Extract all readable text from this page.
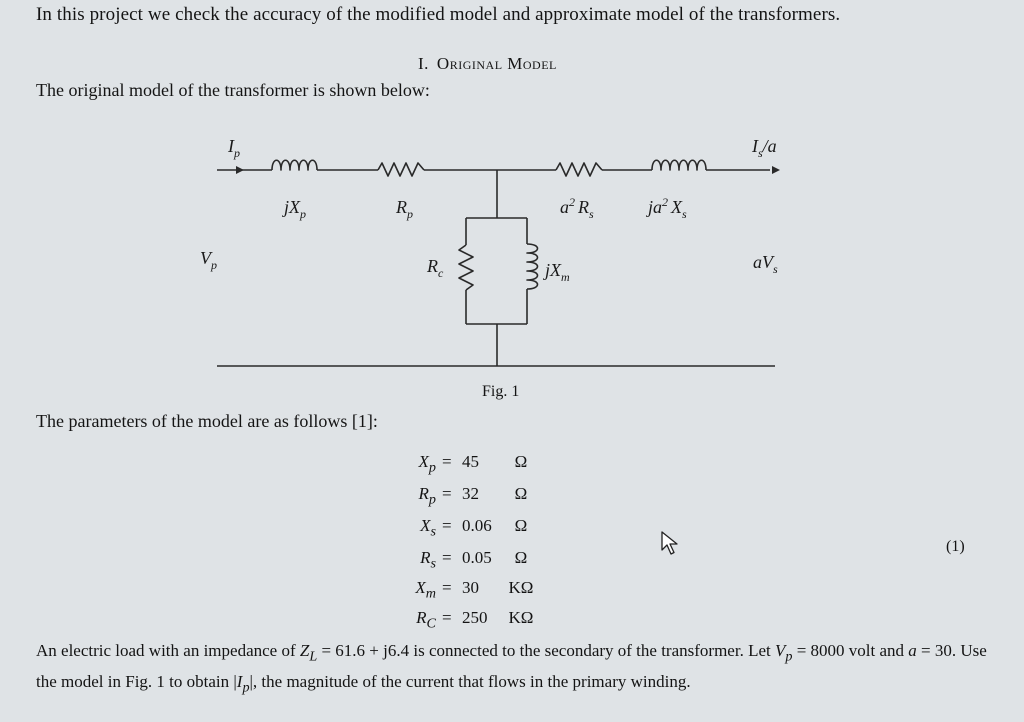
In this project we check the accuracy of the modified model and approximate model of the transformers.
I. Original Model
The original model of the transformer is shown below:
$I_p$	$I_s/a$
$jX_p$	$R_p$	$a^2$ $R_s$	$ja^2$ $X_s$
$V_p$	$R_c$	$jX_m$
$aV_s$
Fig. 1
The parameters of the model are as follows [1]:
$X_p = 45$	Ω
$R_p = 32$	Ω
$X_s = 0.06$	Ω
$R_s = 0.05$	Ω
$X_m = 30$	KΩ
$R_C = 250$	KΩ
(1)
An electric load with an impedance of $Z_L = 61.6 + j6.4$ is connected to the secondary of the transformer. Let $V_p = 8000$ volt and a = 30. Use the model in Fig. 1 to obtain $|I_p|$, the magnitude of the current that flows in the primary winding.
